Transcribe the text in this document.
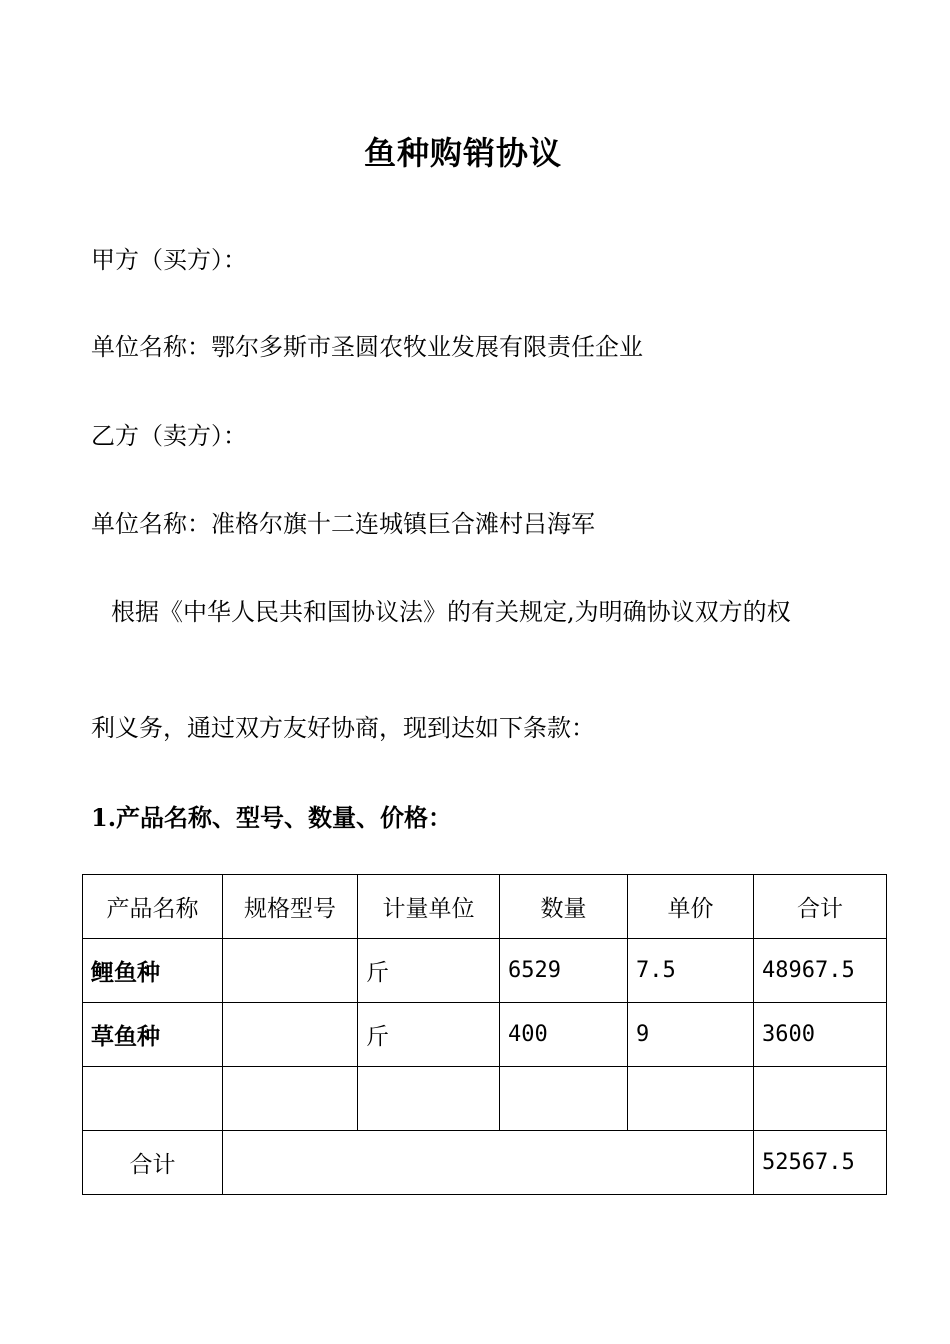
鱼种购销协议
甲方（买方）：
单位名称：鄂尔多斯市圣圆农牧业发展有限责任企业
乙方（卖方）：
单位名称：准格尔旗十二连城镇巨合滩村吕海军
根据《中华人民共和国协议法》的有关规定,为明确协议双方的权
利义务，通过双方友好协商，现到达如下条款：
1.产品名称、型号、数量、价格：
产品名称	规格型号	计量单位	数量	单价	合计
鲤鱼种		斤	6529	7.5	48967.5
草鱼种		斤	400	9	3600

合计					52567.5
